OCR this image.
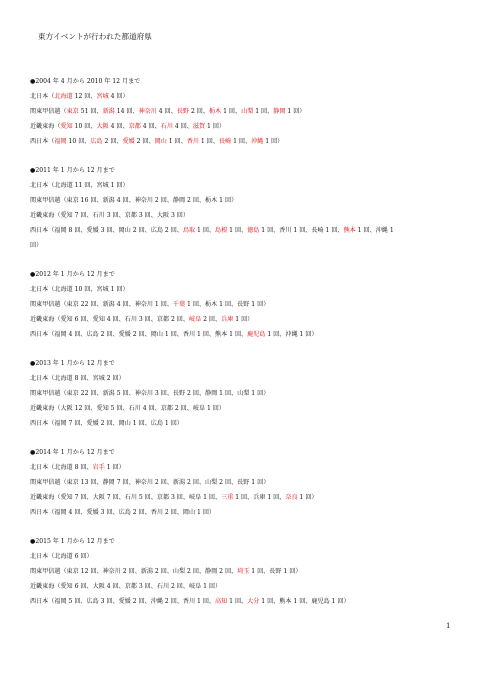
東方イベントが行われた都道府県
●2004 年 4 月から 2010 年 12 月まで
北日本（北海道 12 回、宮城 4 回）
関東甲信越（東京 51 回、新潟 14 回、神奈川 4 回、長野 2 回、栃木 1 回、山梨 1 回、静岡 1 回）
近畿東海（愛知 10 回、大阪 4 回、京都 4 回、石川 4 回、滋賀 1 回）
西日本（福岡 10 回、広島 2 回、愛媛 2 回、岡山 1 回、香川 1 回、長崎 1 回、沖縄 1 回）
●2011 年 1 月から 12 月まで
北日本（北海道 11 回、宮城 1 回）
関東甲信越（東京 16 回、新潟 4 回、神奈川 2 回、静岡 2 回、栃木 1 回）
近畿東海（愛知 7 回、石川 3 回、京都 3 回、大阪 3 回）
西日本（福岡 8 回、愛媛 3 回、岡山 2 回、広島 2 回、鳥取 1 回、島根 1 回、徳島 1 回、香川 1 回、長崎 1 回、熊本 1 回、沖縄 1
回）
●2012 年 1 月から 12 月まで
北日本（北海道 10 回、宮城 1 回）
関東甲信越（東京 22 回、新潟 4 回、神奈川 1 回、千葉 1 回、栃木 1 回、長野 1 回）
近畿東海（愛知 6 回、愛知 4 回、石川 3 回、京都 2 回、岐阜 2 回、兵庫 1 回）
西日本（福岡 4 回、広島 2 回、愛媛 2 回、岡山 1 回、香川 1 回、熊本 1 回、鹿児島 1 回、沖縄 1 回）
●2013 年 1 月から 12 月まで
北日本（北海道 8 回、宮城 2 回）
関東甲信越（東京 22 回、新潟 5 回、神奈川 3 回、長野 2 回、静岡 1 回、山梨 1 回）
近畿東海（大阪 12 回、愛知 5 回、石川 4 回、京都 2 回、岐阜 1 回）
西日本（福岡 7 回、愛媛 2 回、岡山 1 回、広島 1 回）
●2014 年 1 月から 12 月まで
北日本（北海道 8 回、岩手 1 回）
関東甲信越（東京 13 回、静岡 7 回、神奈川 2 回、新潟 2 回、山梨 2 回、長野 1 回）
近畿東海（愛知 7 回、大阪 7 回、石川 5 回、京都 3 回、岐阜 1 回、三重 1 回、兵庫 1 回、奈良 1 回）
西日本（福岡 4 回、愛媛 3 回、広島 2 回、香川 2 回、岡山 1 回）
●2015 年 1 月から 12 月まで
北日本（北海道 6 回）
関東甲信越（東京 12 回、神奈川 2 回、新潟 2 回、山梨 2 回、静岡 2 回、埼玉 1 回、長野 1 回）
近畿東海（愛知 6 回、大阪 4 回、京都 3 回、石川 2 回、岐阜 1 回）
西日本（福岡 5 回、広島 3 回、愛媛 2 回、沖縄 2 回、香川 1 回、高知 1 回、大分 1 回、熊本 1 回、鹿児島 1 回）
1
